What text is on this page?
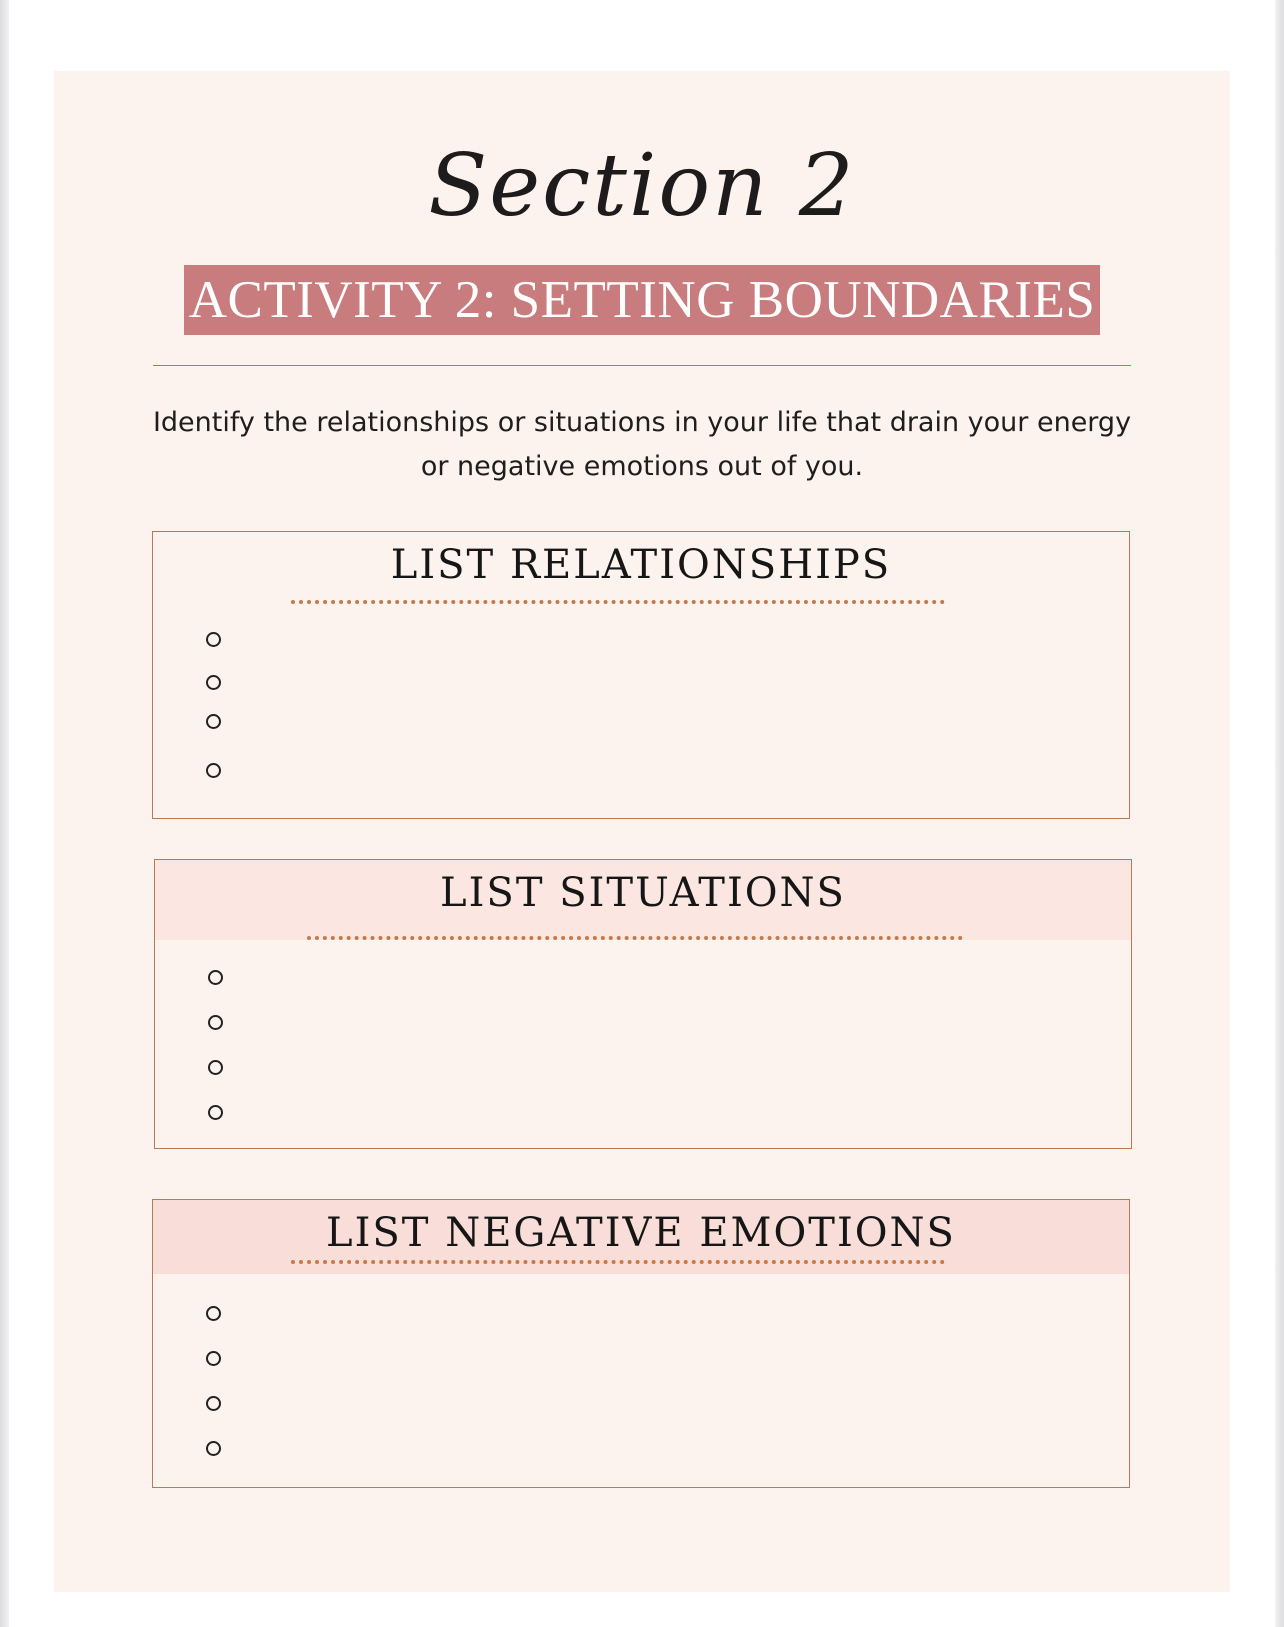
Section 2
ACTIVITY 2: SETTING BOUNDARIES
Identify the relationships or situations in your life that drain your energy
or negative emotions out of you.
LIST RELATIONSHIPS
LIST SITUATIONS
LIST NEGATIVE EMOTIONS
